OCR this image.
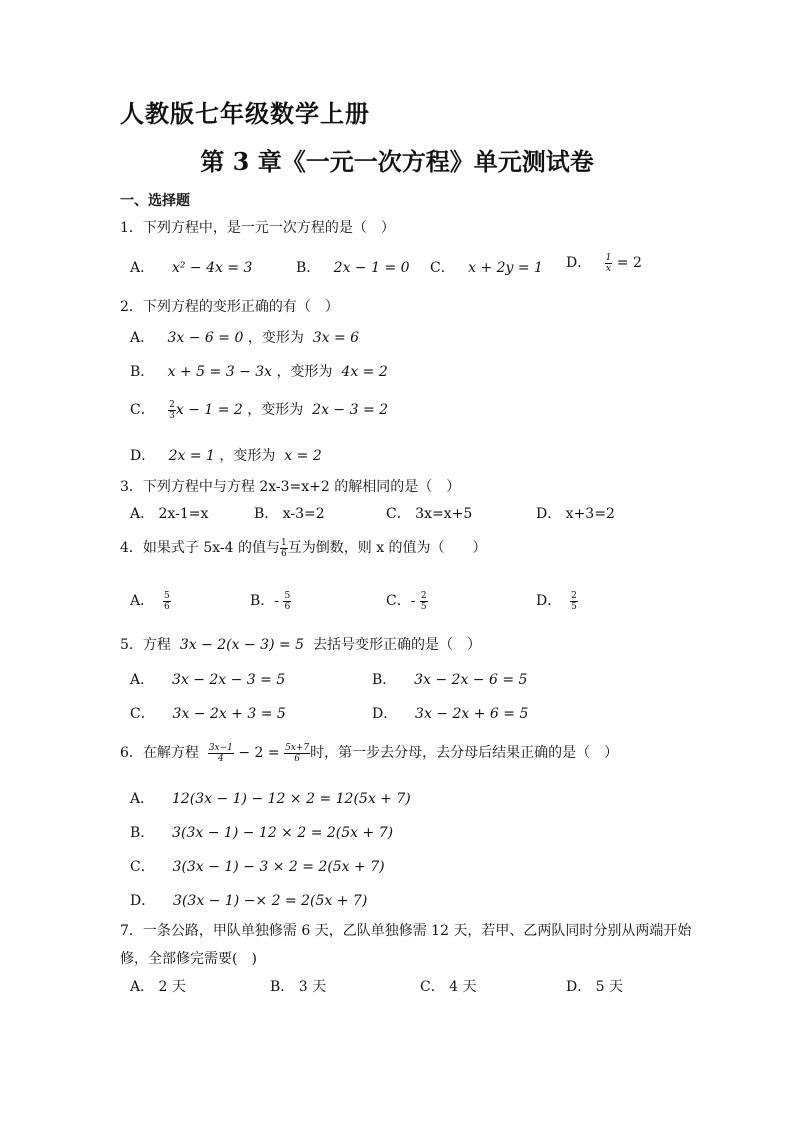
人教版七年级数学上册
第 3 章《一元一次方程》单元测试卷
一、选择题
1．下列方程中，是一元一次方程的是（　）
A． x² − 4x = 3	B． 2x − 1 = 0 C． x + 2y = 1 D． $\frac{1}{x} = 2$
2．下列方程的变形正确的有（　）
A． 3x − 6 = 0 ，变形为 3x = 6
B． x + 5 = 3 − 3x ，变形为 4x = 2
C． $\frac{2}{3}$ x − 1 = 2 ，变形为 2x − 3 = 2
D． 2x = 1 ，变形为 x = 2
3．下列方程中与方程 2x-3=x+2 的解相同的是（　）
A． 2x-1=x	B． x-3=2	C． 3x=x+5	D． x+3=2
4．如果式子 5x-4 的值与 $\frac{1}{6}$ 互为倒数，则 x 的值为（　　）
A． $\frac{5}{6}$	B．- $\frac{5}{6}$	C．- $\frac{2}{5}$	D． $\frac{2}{5}$
5．方程 3x − 2(x − 3) = 5 去括号变形正确的是（　）
A． 3x − 2x − 3 = 5	B． 3x − 2x − 6 = 5
C． 3x − 2x + 3 = 5	D． 3x − 2x + 6 = 5
6．在解方程 $\frac{3x-1}{4} - 2 = \frac{5x+7}{6}$ 时，第一步去分母，去分母后结果正确的是（　）
A． 12(3x − 1) − 12 × 2 = 12(5x + 7)
B． 3(3x − 1) − 12 × 2 = 2(5x + 7)
C． 3(3x − 1) − 3 × 2 = 2(5x + 7)
D． 3(3x − 1) −× 2 = 2(5x + 7)
7．一条公路，甲队单独修需 6 天，乙队单独修需 12 天，若甲、乙两队同时分别从两端开始
修，全部修完需要(　)
A． 2 天	B． 3 天	C． 4 天	D． 5 天
